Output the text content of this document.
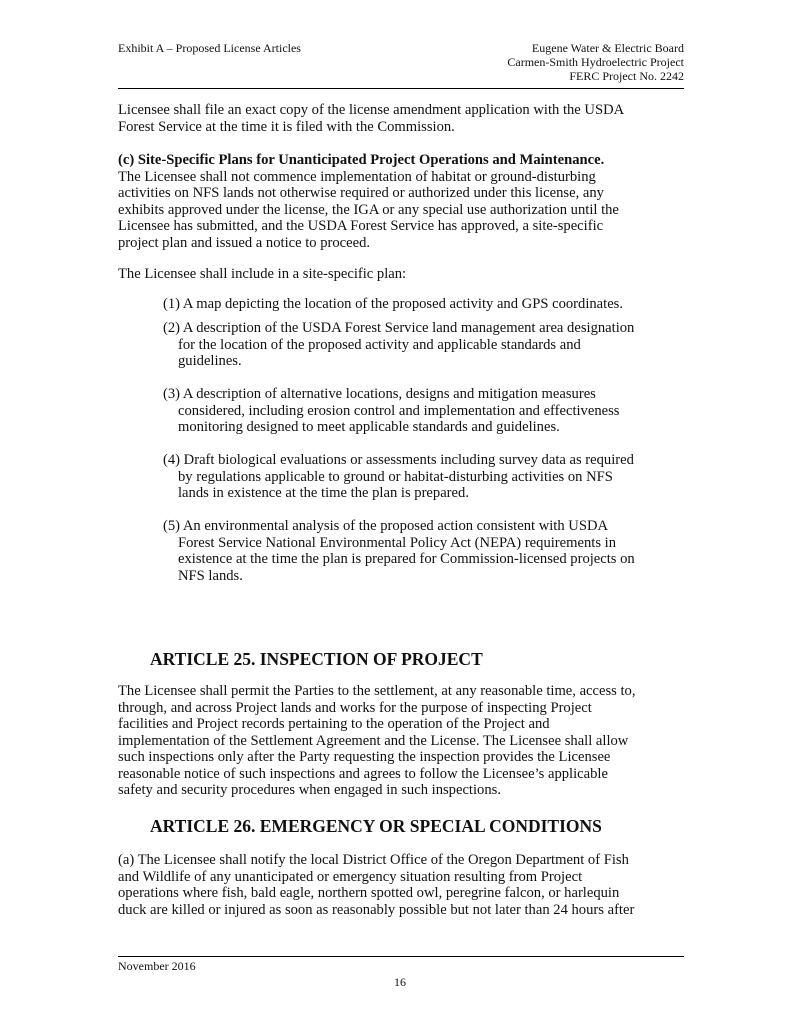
Exhibit A – Proposed License Articles	Eugene Water & Electric Board
Carmen-Smith Hydroelectric Project
FERC Project No. 2242
Licensee shall file an exact copy of the license amendment application with the USDA
Forest Service at the time it is filed with the Commission.
(c) Site-Specific Plans for Unanticipated Project Operations and Maintenance.
The Licensee shall not commence implementation of habitat or ground-disturbing
activities on NFS lands not otherwise required or authorized under this license, any
exhibits approved under the license, the IGA or any special use authorization until the
Licensee has submitted, and the USDA Forest Service has approved, a site-specific
project plan and issued a notice to proceed.
The Licensee shall include in a site-specific plan:
(1) A map depicting the location of the proposed activity and GPS coordinates.
(2) A description of the USDA Forest Service land management area designation
for the location of the proposed activity and applicable standards and
guidelines.
(3) A description of alternative locations, designs and mitigation measures
considered, including erosion control and implementation and effectiveness
monitoring designed to meet applicable standards and guidelines.
(4) Draft biological evaluations or assessments including survey data as required
by regulations applicable to ground or habitat-disturbing activities on NFS
lands in existence at the time the plan is prepared.
(5) An environmental analysis of the proposed action consistent with USDA
Forest Service National Environmental Policy Act (NEPA) requirements in
existence at the time the plan is prepared for Commission-licensed projects on
NFS lands.
ARTICLE 25. INSPECTION OF PROJECT
The Licensee shall permit the Parties to the settlement, at any reasonable time, access to,
through, and across Project lands and works for the purpose of inspecting Project
facilities and Project records pertaining to the operation of the Project and
implementation of the Settlement Agreement and the License. The Licensee shall allow
such inspections only after the Party requesting the inspection provides the Licensee
reasonable notice of such inspections and agrees to follow the Licensee’s applicable
safety and security procedures when engaged in such inspections.
ARTICLE 26. EMERGENCY OR SPECIAL CONDITIONS
(a) The Licensee shall notify the local District Office of the Oregon Department of Fish
and Wildlife of any unanticipated or emergency situation resulting from Project
operations where fish, bald eagle, northern spotted owl, peregrine falcon, or harlequin
duck are killed or injured as soon as reasonably possible but not later than 24 hours after
November 2016
16
